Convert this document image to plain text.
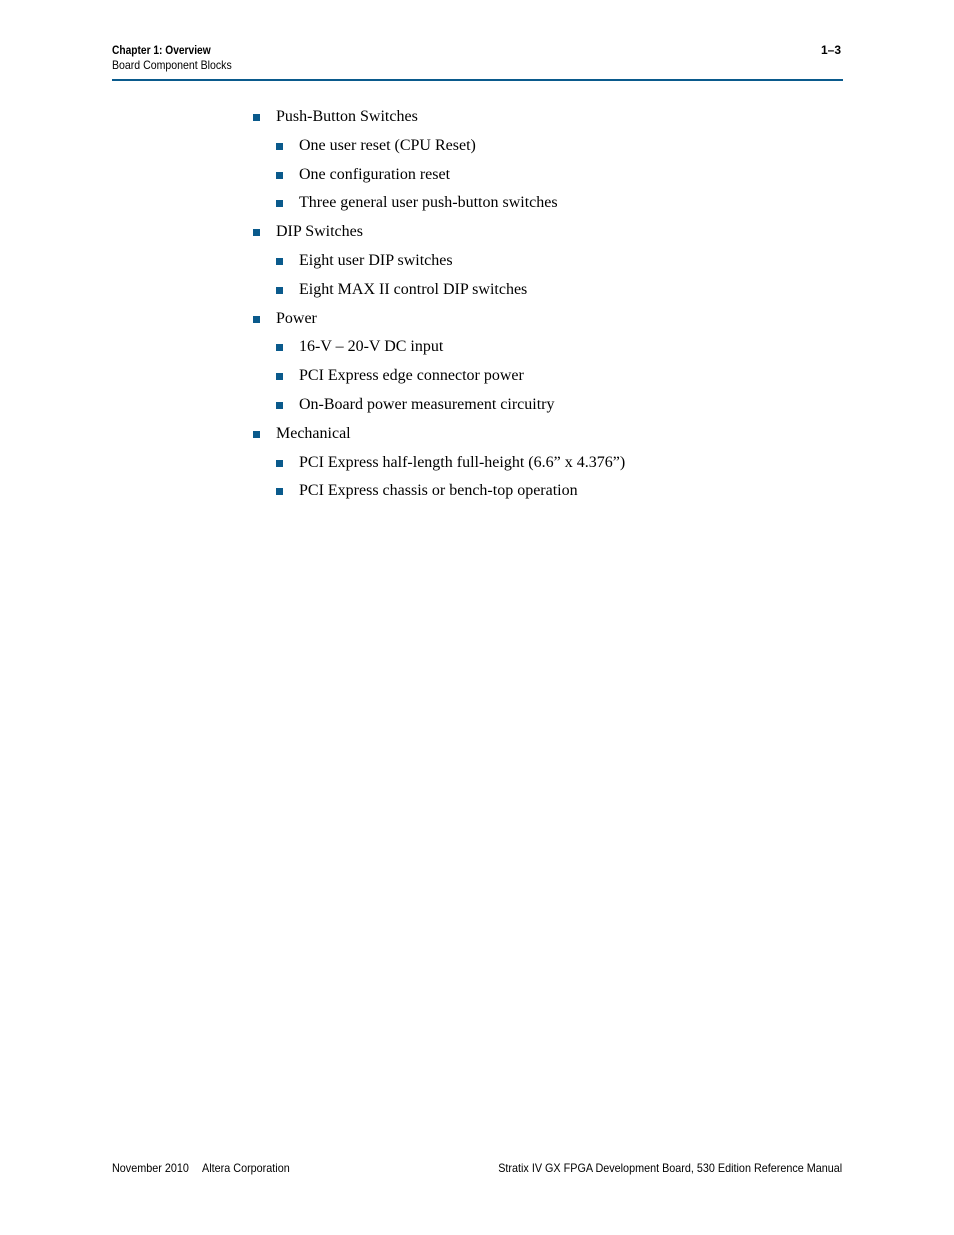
Chapter 1: Overview
Board Component Blocks
1–3
Push-Button Switches
One user reset (CPU Reset)
One configuration reset
Three general user push-button switches
DIP Switches
Eight user DIP switches
Eight MAX II control DIP switches
Power
16-V – 20-V DC input
PCI Express edge connector power
On-Board power measurement circuitry
Mechanical
PCI Express half-length full-height (6.6” x 4.376”)
PCI Express chassis or bench-top operation
November 2010 Altera Corporation	Stratix IV GX FPGA Development Board, 530 Edition Reference Manual
